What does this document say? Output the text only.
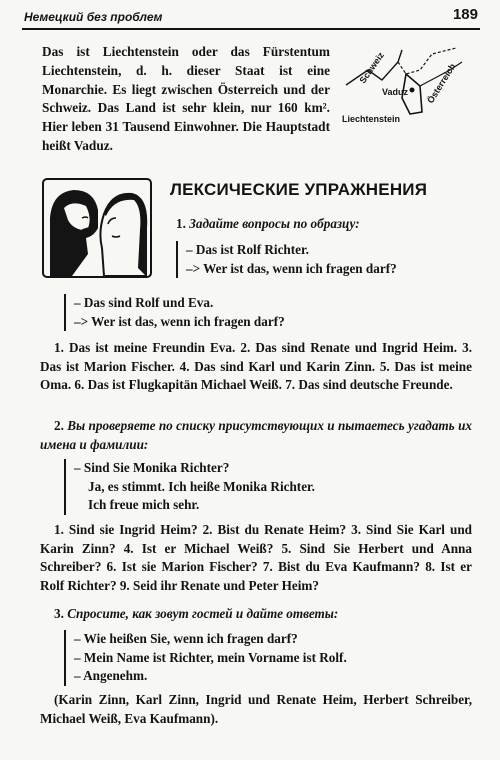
Немецкий без проблем	189
Das ist Liechtenstein oder das Fürstentum Liechtenstein, d. h. dieser Staat ist eine Monarchie. Es liegt zwischen Österreich und der Schweiz. Das Land ist sehr klein, nur 160 km². Hier leben 31 Tausend Einwohner. Die Hauptstadt heißt Vaduz.
Schweiz
Vaduz Österreich
Liechtenstein
ЛЕКСИЧЕСКИЕ УПРАЖНЕНИЯ
1. Задайте вопросы по образцу:
– Das ist Rolf Richter.
–> Wer ist das, wenn ich fragen darf?
– Das sind Rolf und Eva.
–> Wer ist das, wenn ich fragen darf?
1. Das ist meine Freundin Eva. 2. Das sind Renate und Ingrid Heim. 3. Das ist Marion Fischer. 4. Das sind Karl und Karin Zinn. 5. Das ist meine Oma. 6. Das ist Flugkapitän Michael Weiß. 7. Das sind deutsche Freunde.
2. Вы проверяете по списку присутствующих и пытаетесь угадать их имена и фамилии:
– Sind Sie Monika Richter?
Ja, es stimmt. Ich heiße Monika Richter.
Ich freue mich sehr.
1. Sind sie Ingrid Heim? 2. Bist du Renate Heim? 3. Sind Sie Karl und Karin Zinn? 4. Ist er Michael Weiß? 5. Sind Sie Herbert und Anna Schreiber? 6. Ist sie Marion Fischer? 7. Bist du Eva Kaufmann? 8. Ist er Rolf Richter? 9. Seid ihr Renate und Peter Heim?
3. Спросите, как зовут гостей и дайте ответы:
– Wie heißen Sie, wenn ich fragen darf?
– Mein Name ist Richter, mein Vorname ist Rolf.
– Angenehm.
(Karin Zinn, Karl Zinn, Ingrid und Renate Heim, Herbert Schreiber, Michael Weiß, Eva Kaufmann).
